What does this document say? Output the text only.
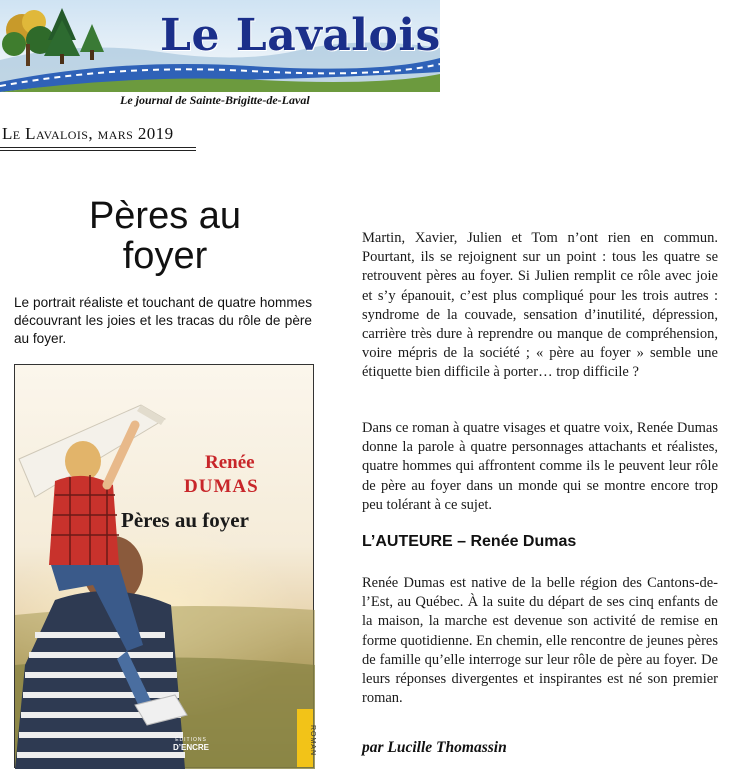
Le Lavalois
Le journal de Sainte-Brigitte-de-Laval
Le Lavalois, mars 2019
Pères au foyer
Le portrait réaliste et touchant de quatre hommes découvrant les joies et les tracas du rôle de père au foyer.
Renée
DUMAS
Pères au foyer
ÉDITIONS
D’ENCRE	ROMAN
Martin, Xavier, Julien et Tom n’ont rien en commun. Pourtant, ils se rejoignent sur un point : tous les quatre se retrouvent pères au foyer. Si Julien remplit ce rôle avec joie et s’y épanouit, c’est plus compliqué pour les trois autres : syndrome de la couvade, sensation d’inutilité, dépression, carrière très dure à reprendre ou manque de compréhension, voire mépris de la société ; « père au foyer » semble une étiquette bien difficile à porter… trop difficile ?
Dans ce roman à quatre visages et quatre voix, Renée Dumas donne la parole à quatre personnages attachants et réalistes, quatre hommes qui affrontent comme ils le peuvent leur rôle de père au foyer dans un monde qui se montre encore trop peu tolérant à ce sujet.
L’AUTEURE – Renée Dumas
Renée Dumas est native de la belle région des Cantons-de-l’Est, au Québec. À la suite du départ de ses cinq enfants de la maison, la marche est devenue son activité de remise en forme quotidienne. En chemin, elle rencontre de jeunes pères de famille qu’elle interroge sur leur rôle de père au foyer. De leurs réponses divergentes et inspirantes est né son premier roman.
par Lucille Thomassin
